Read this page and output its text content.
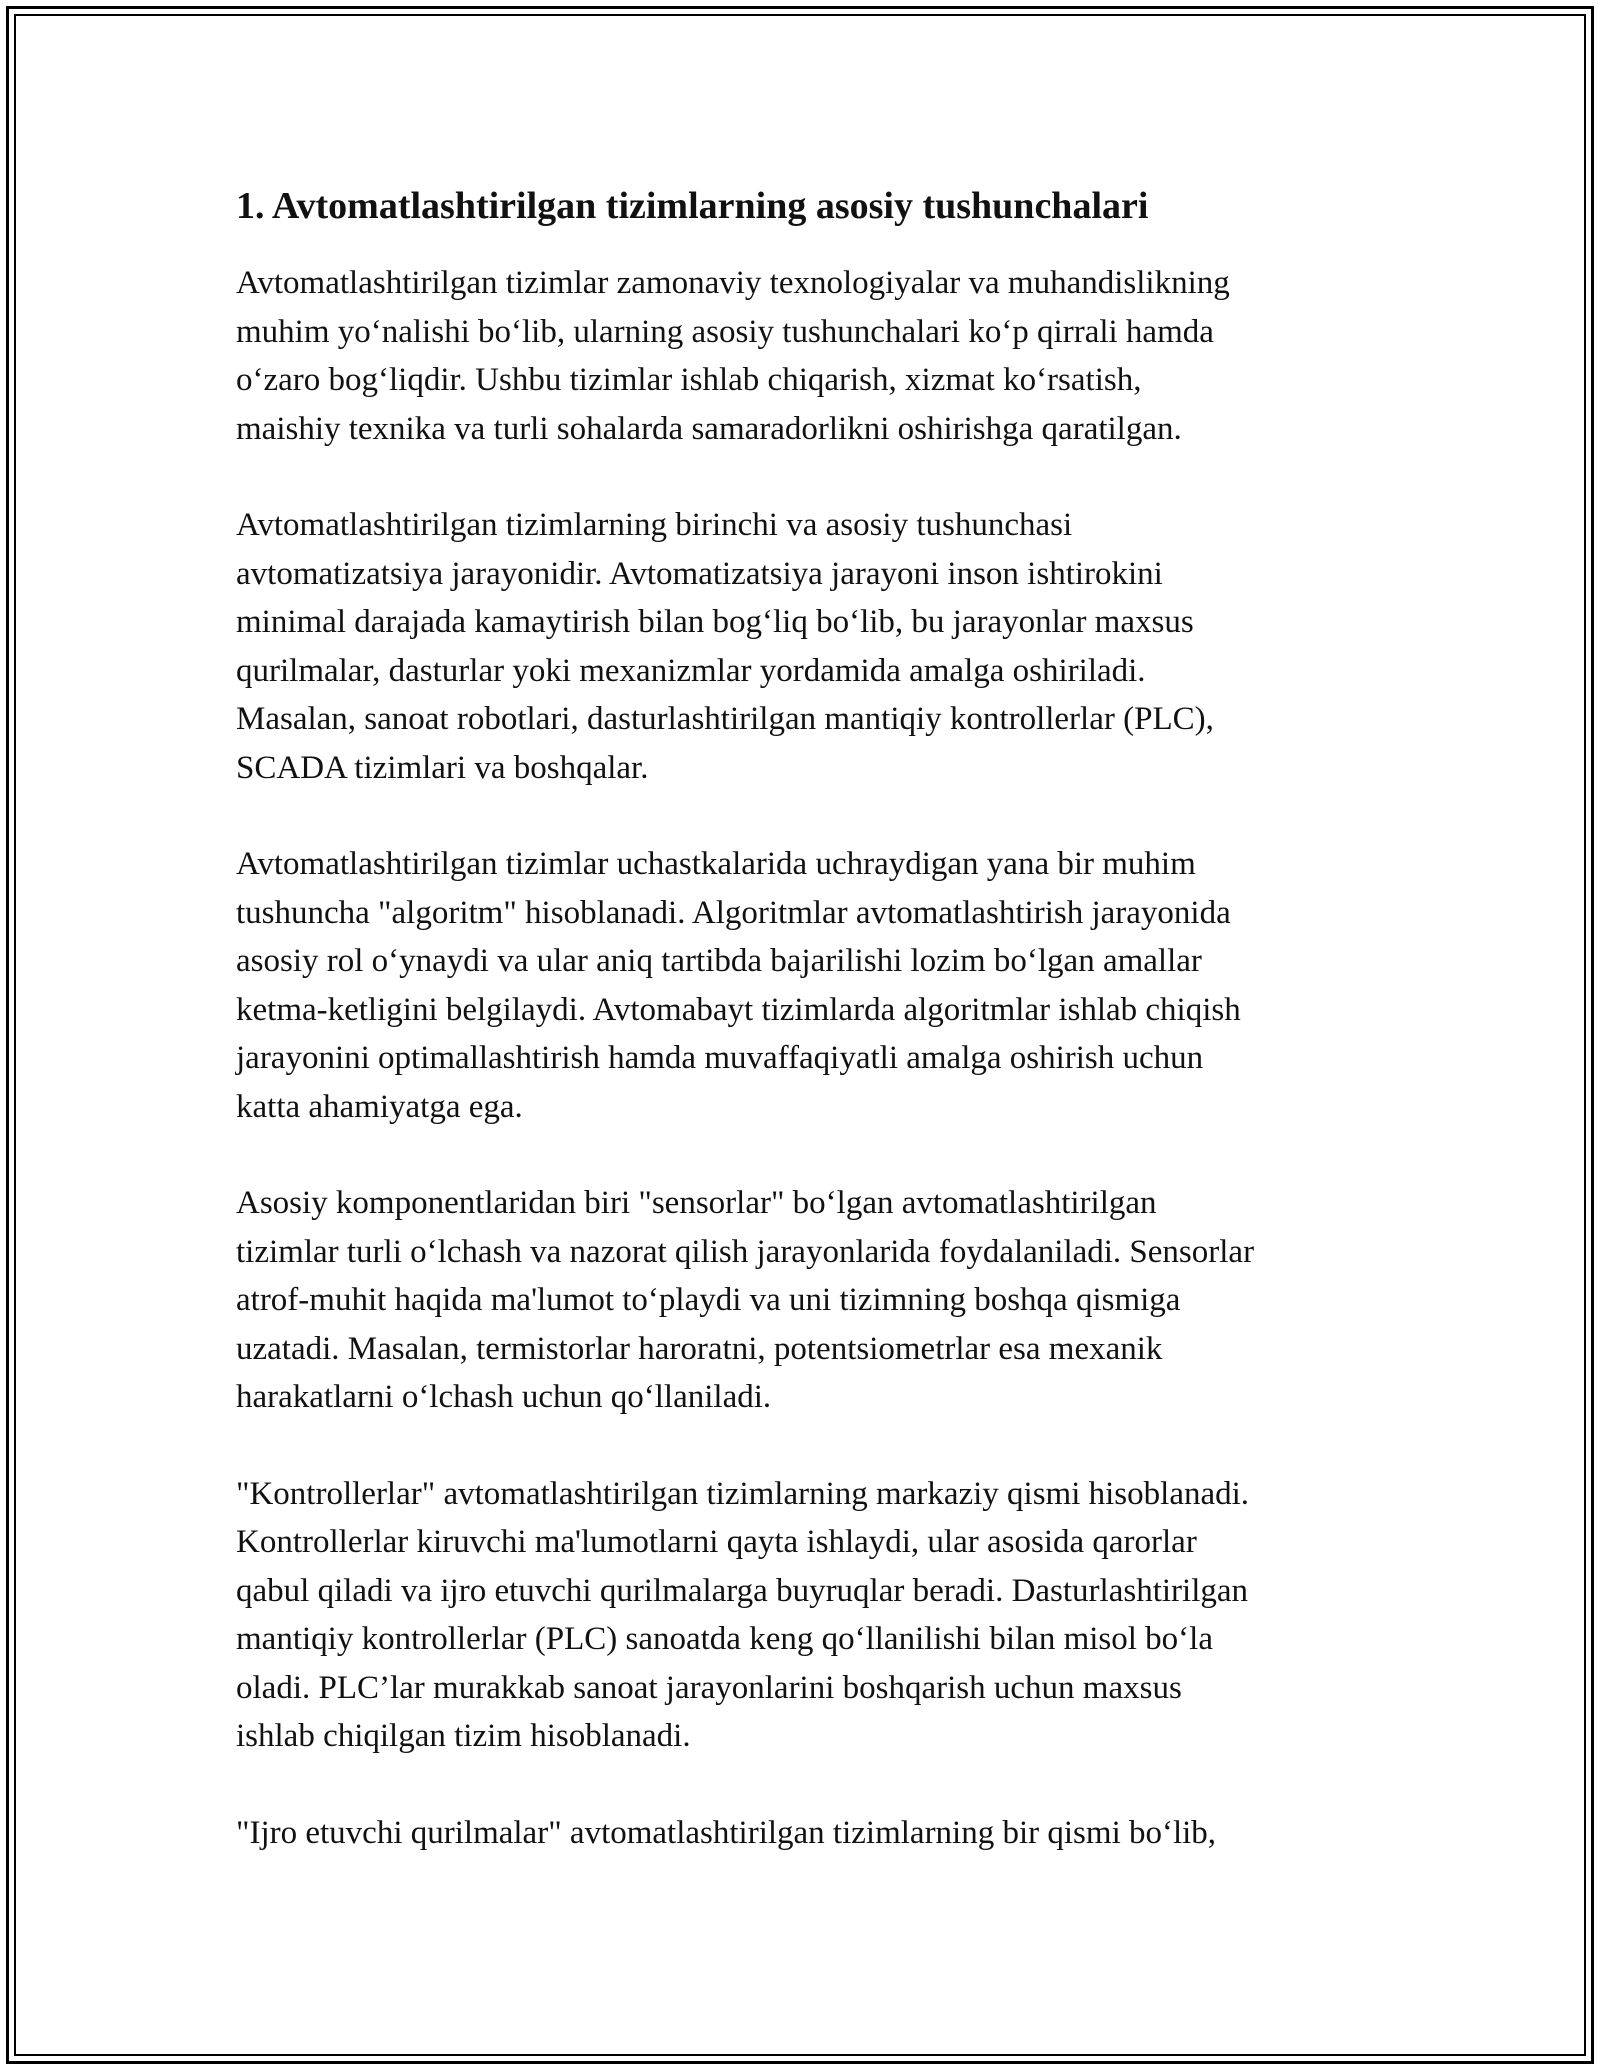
1. Avtomatlashtirilgan tizimlarning asosiy tushunchalari

Avtomatlashtirilgan tizimlar zamonaviy texnologiyalar va muhandislikning
muhim yo‘nalishi bo‘lib, ularning asosiy tushunchalari ko‘p qirrali hamda
o‘zaro bog‘liqdir. Ushbu tizimlar ishlab chiqarish, xizmat ko‘rsatish,
maishiy texnika va turli sohalarda samaradorlikni oshirishga qaratilgan.

Avtomatlashtirilgan tizimlarning birinchi va asosiy tushunchasi
avtomatizatsiya jarayonidir. Avtomatizatsiya jarayoni inson ishtirokini
minimal darajada kamaytirish bilan bog‘liq bo‘lib, bu jarayonlar maxsus
qurilmalar, dasturlar yoki mexanizmlar yordamida amalga oshiriladi.
Masalan, sanoat robotlari, dasturlashtirilgan mantiqiy kontrollerlar (PLC),
SCADA tizimlari va boshqalar.

Avtomatlashtirilgan tizimlar uchastkalarida uchraydigan yana bir muhim
tushuncha "algoritm" hisoblanadi. Algoritmlar avtomatlashtirish jarayonida
asosiy rol o‘ynaydi va ular aniq tartibda bajarilishi lozim bo‘lgan amallar
ketma-ketligini belgilaydi. Avtomabayt tizimlarda algoritmlar ishlab chiqish
jarayonini optimallashtirish hamda muvaffaqiyatli amalga oshirish uchun
katta ahamiyatga ega.

Asosiy komponentlaridan biri "sensorlar" bo‘lgan avtomatlashtirilgan
tizimlar turli o‘lchash va nazorat qilish jarayonlarida foydalaniladi. Sensorlar
atrof-muhit haqida ma'lumot to‘playdi va uni tizimning boshqa qismiga
uzatadi. Masalan, termistorlar haroratni, potentsiometrlar esa mexanik
harakatlarni o‘lchash uchun qo‘llaniladi.

"Kontrollerlar" avtomatlashtirilgan tizimlarning markaziy qismi hisoblanadi.
Kontrollerlar kiruvchi ma'lumotlarni qayta ishlaydi, ular asosida qarorlar
qabul qiladi va ijro etuvchi qurilmalarga buyruqlar beradi. Dasturlashtirilgan
mantiqiy kontrollerlar (PLC) sanoatda keng qo‘llanilishi bilan misol bo‘la
oladi. PLC’lar murakkab sanoat jarayonlarini boshqarish uchun maxsus
ishlab chiqilgan tizim hisoblanadi.

"Ijro etuvchi qurilmalar" avtomatlashtirilgan tizimlarning bir qismi bo‘lib,
